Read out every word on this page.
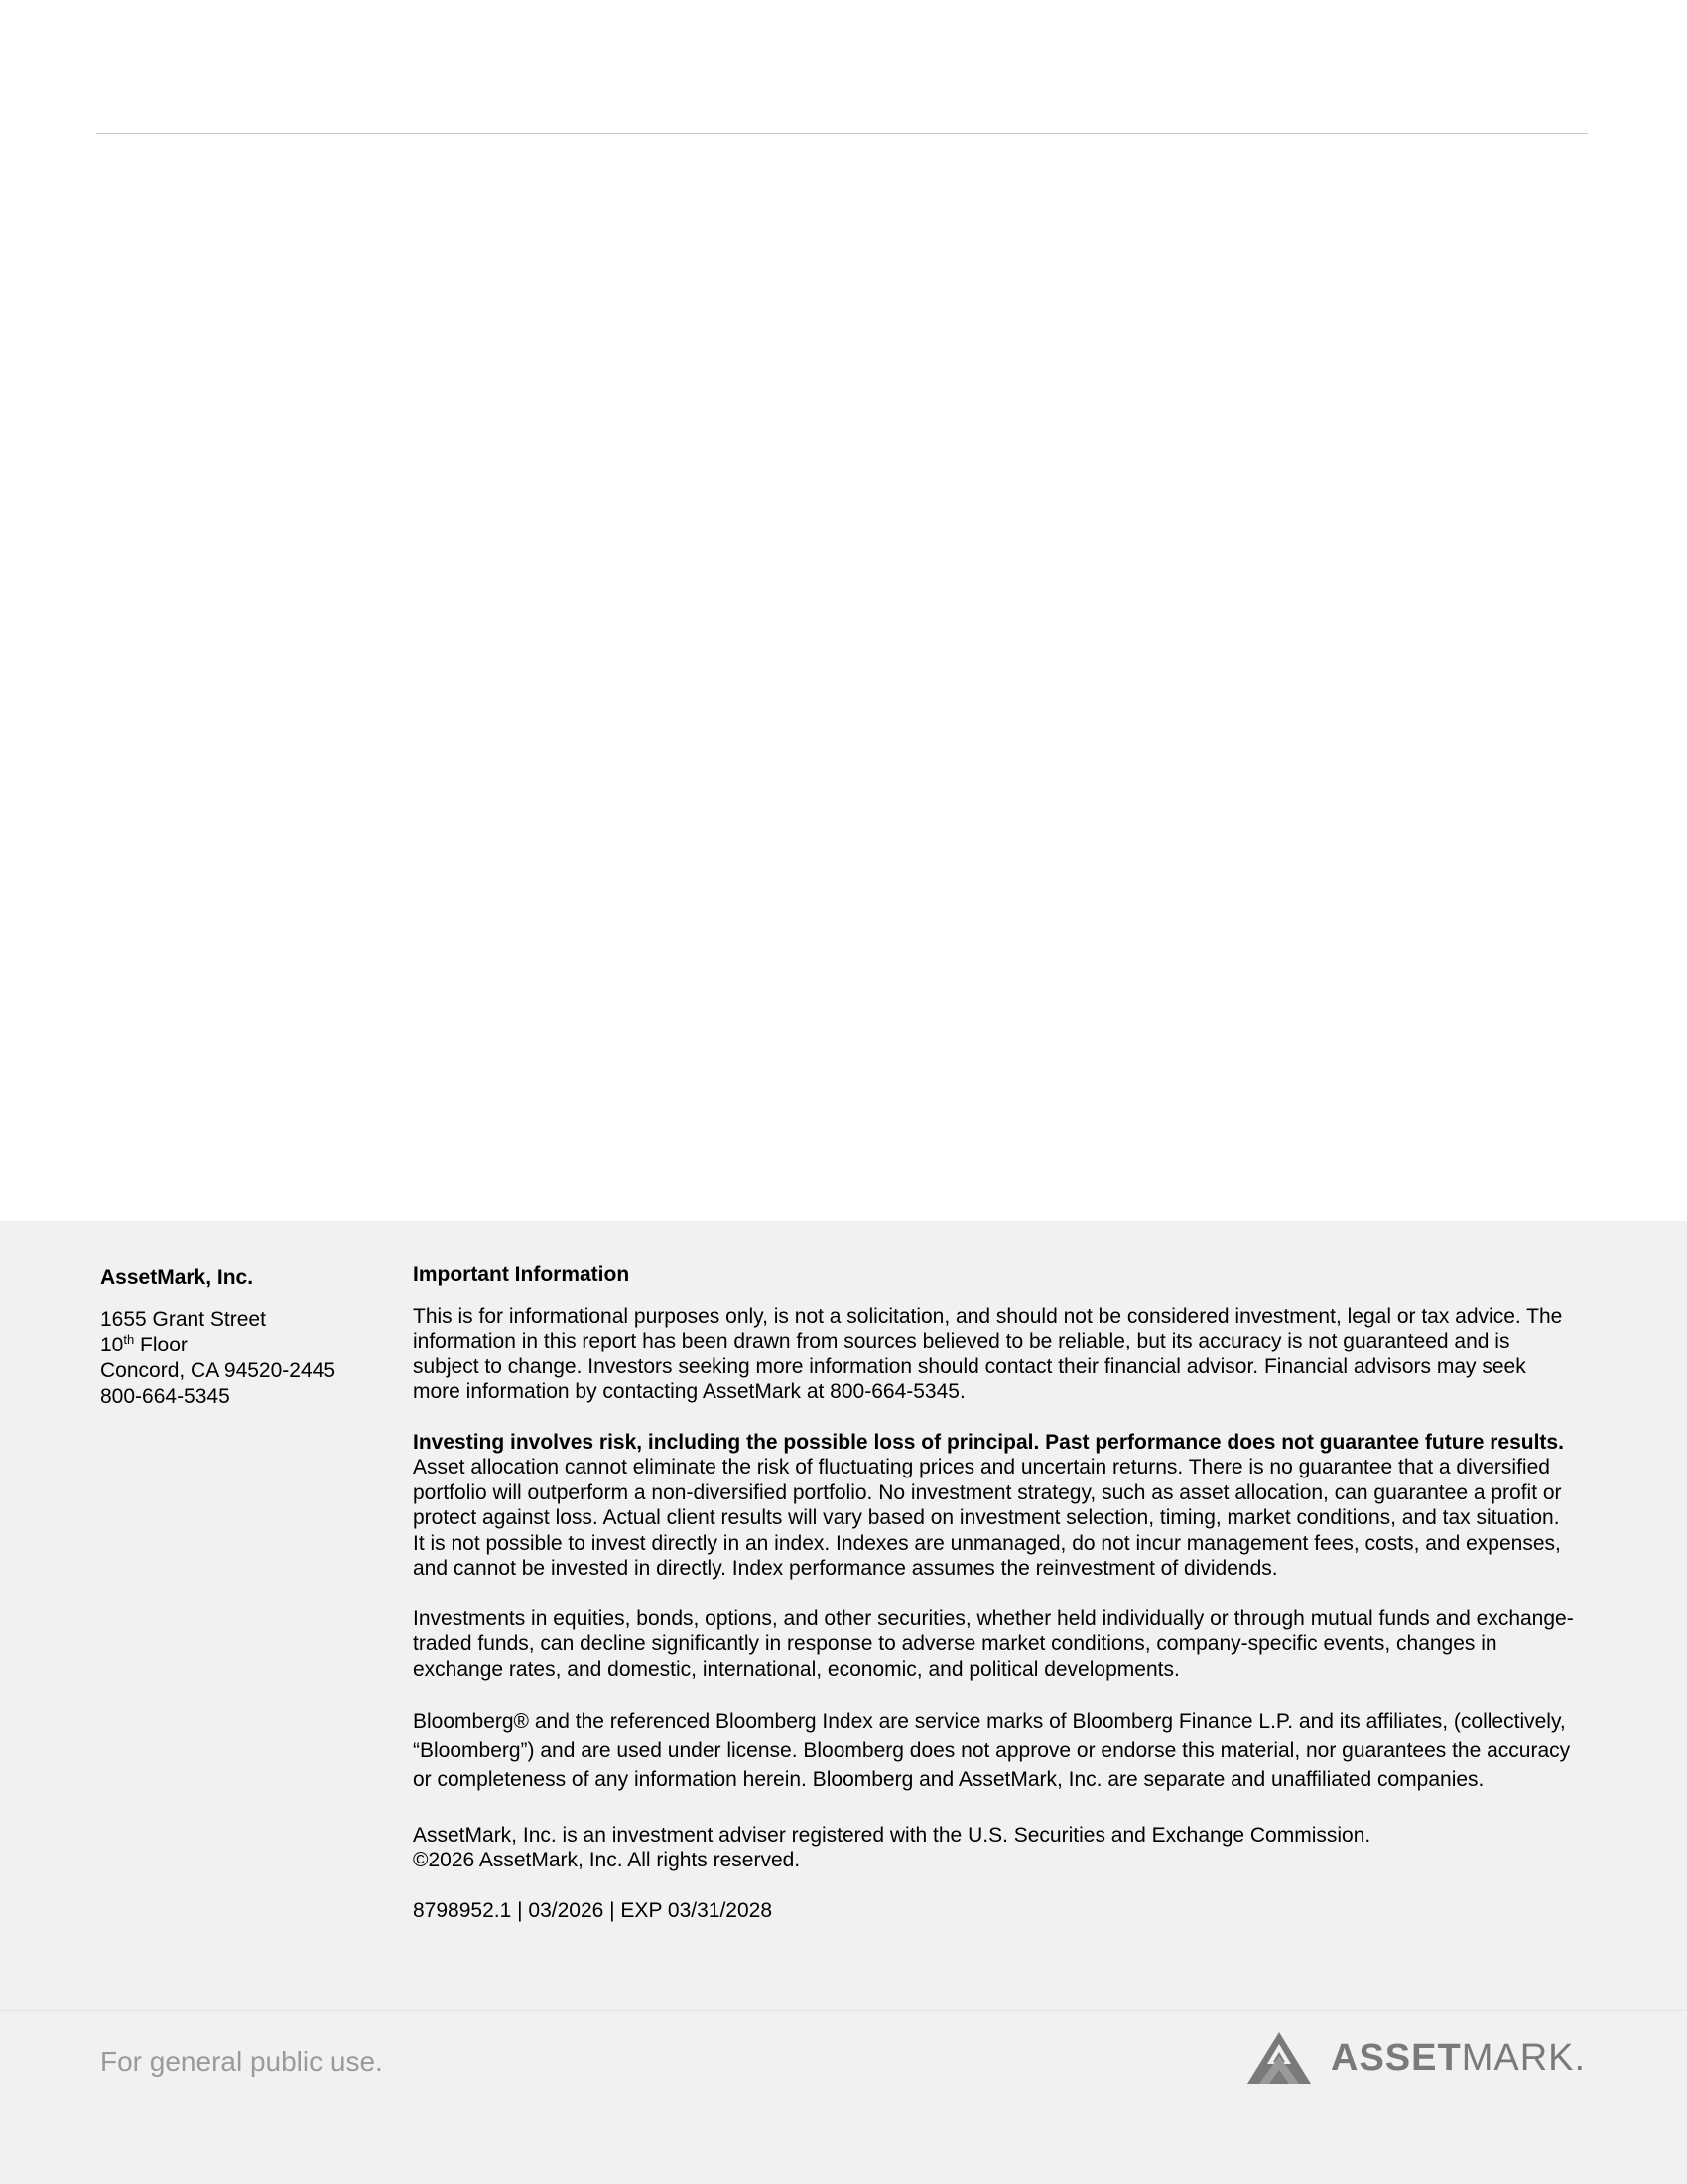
AssetMark, Inc.

1655 Grant Street

10th Floor

Concord, CA 94520-2445

800-664-5345

Important Information

This is for informational purposes only, is not a solicitation, and should not be considered investment, legal or tax advice. The information in this report has been drawn from sources believed to be reliable, but its accuracy is not guaranteed and is subject to change. Investors seeking more information should contact their financial advisor. Financial advisors may seek more information by contacting AssetMark at 800-664-5345.

Investing involves risk, including the possible loss of principal. Past performance does not guarantee future results. Asset allocation cannot eliminate the risk of fluctuating prices and uncertain returns. There is no guarantee that a diversified portfolio will outperform a non-diversified portfolio. No investment strategy, such as asset allocation, can guarantee a profit or protect against loss. Actual client results will vary based on investment selection, timing, market conditions, and tax situation. It is not possible to invest directly in an index. Indexes are unmanaged, do not incur management fees, costs, and expenses, and cannot be invested in directly. Index performance assumes the reinvestment of dividends.

Investments in equities, bonds, options, and other securities, whether held individually or through mutual funds and exchange-traded funds, can decline significantly in response to adverse market conditions, company-specific events, changes in exchange rates, and domestic, international, economic, and political developments.

Bloomberg® and the referenced Bloomberg Index are service marks of Bloomberg Finance L.P. and its affiliates, (collectively, “Bloomberg”) and are used under license. Bloomberg does not approve or endorse this material, nor guarantees the accuracy or completeness of any information herein. Bloomberg and AssetMark, Inc. are separate and unaffiliated companies.

AssetMark, Inc. is an investment adviser registered with the U.S. Securities and Exchange Commission.

©2026 AssetMark, Inc. All rights reserved.

8798952.1 | 03/2026 | EXP 03/31/2028

For general public use.	ASSETMARK.
